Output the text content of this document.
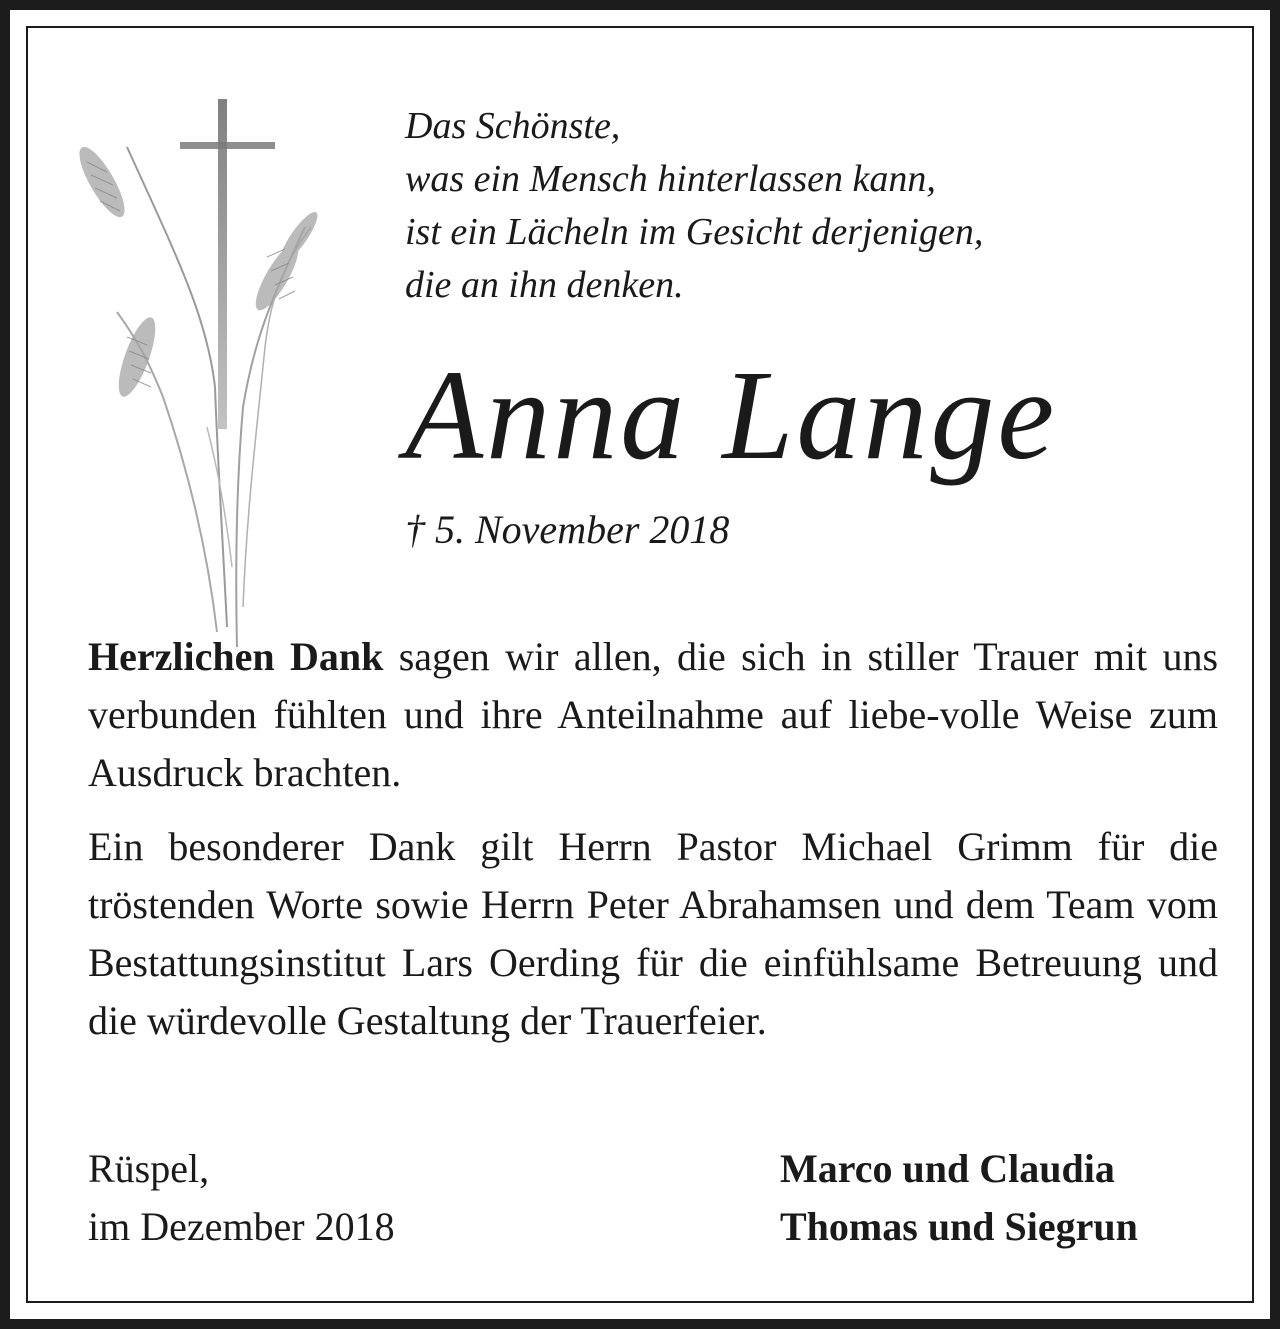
Das Schönste,
was ein Mensch hinterlassen kann,
ist ein Lächeln im Gesicht derjenigen,
die an ihn denken.
Anna Lange
† 5. November 2018
Herzlichen Dank sagen wir allen, die sich in stiller Trauer mit uns verbunden fühlten und ihre Anteilnahme auf liebe-volle Weise zum Ausdruck brachten.
Ein besonderer Dank gilt Herrn Pastor Michael Grimm für die tröstenden Worte sowie Herrn Peter Abrahamsen und dem Team vom Bestattungsinstitut Lars Oerding für die einfühlsame Betreuung und die würdevolle Gestaltung der Trauerfeier.
Rüspel,
im Dezember 2018
Marco und Claudia
Thomas und Siegrun
